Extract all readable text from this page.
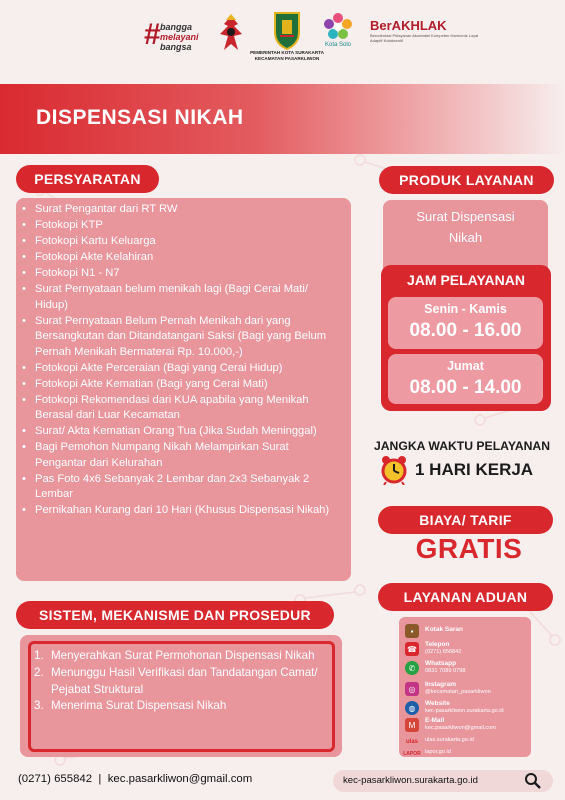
# bangga
melayani
bangsa
PEMERINTAH KOTA SURAKARTA
KECAMATAN PASARKLIWON
Kota Solo
BerAKHLAK
Berorientasi Pelayanan Akuntabel Kompeten Harmonis Loyal Adaptif Kolaboratif
DISPENSASI NIKAH
PERSYARATAN
• Surat Pengantar dari RT RW
• Fotokopi KTP
• Fotokopi Kartu Keluarga
• Fotokopi Akte Kelahiran
• Fotokopi N1 - N7
• Surat Pernyataan belum menikah lagi (Bagi Cerai Mati/ Hidup)
• Surat Pernyataan Belum Pernah Menikah dari yang Bersangkutan dan Ditandatangani Saksi (Bagi yang Belum Pernah Menikah Bermaterai Rp. 10.000,-)
• Fotokopi Akte Perceraian (Bagi yang Cerai Hidup)
• Fotokopi Akte Kematian (Bagi yang Cerai Mati)
• Fotokopi Rekomendasi dari KUA apabila yang Menikah Berasal dari Luar Kecamatan
• Surat/ Akta Kematian Orang Tua (Jika Sudah Meninggal)
• Bagi Pemohon Numpang Nikah Melampirkan Surat Pengantar dari Kelurahan
• Pas Foto 4x6 Sebanyak 2 Lembar dan 2x3 Sebanyak 2 Lembar
• Pernikahan Kurang dari 10 Hari (Khusus Dispensasi Nikah)
PRODUK LAYANAN
Surat Dispensasi
Nikah
JAM PELAYANAN
Senin - Kamis
08.00 - 16.00
Jumat
08.00 - 14.00
JANGKA WAKTU PELAYANAN
1 HARI KERJA
BIAYA/ TARIF
GRATIS
LAYANAN ADUAN
▪	Kotak Saran
☎	Telepon
(0271) 656842
✆	Whatsapp
0831 7089 0798
◎	Instagram
@kecamatan_pasarkliwon
◍	Website
kec-pasarkliwon.surakarta.go.id
M	E-Mail
kec.pasarkliwon@gmail.com
ulas ulas.surakarta.go.id
LAPOR lapor.go.id
SISTEM, MEKANISME DAN PROSEDUR
1. Menyerahkan Surat Permohonan Dispensasi Nikah
2. Menunggu Hasil Verifikasi dan Tandatangan Camat/ Pejabat Struktural
3. Menerima Surat Dispensasi Nikah
(0271) 655842  |  kec.pasarkliwon@gmail.com	kec-pasarkliwon.surakarta.go.id
